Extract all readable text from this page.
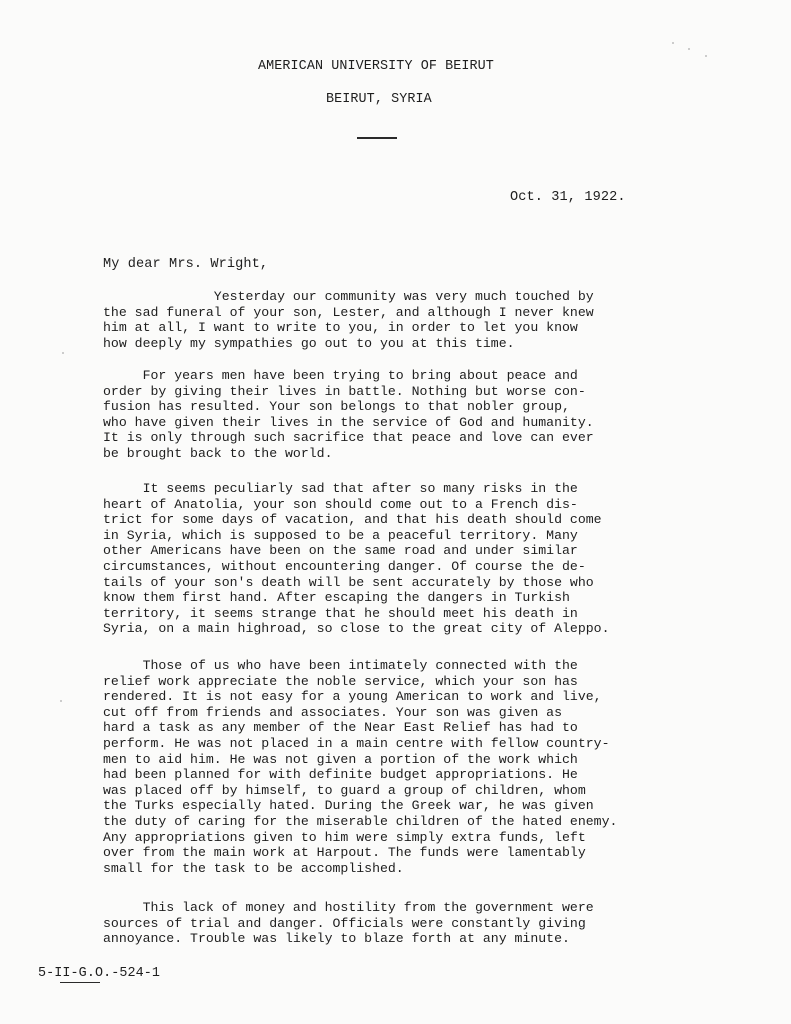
AMERICAN UNIVERSITY OF BEIRUT
BEIRUT, SYRIA
Oct. 31, 1922.
My dear Mrs. Wright,
Yesterday our community was very much touched by
the sad funeral of your son, Lester, and although I never knew
him at all, I want to write to you, in order to let you know
how deeply my sympathies go out to you at this time.
For years men have been trying to bring about peace and
order by giving their lives in battle. Nothing but worse con-
fusion has resulted. Your son belongs to that nobler group,
who have given their lives in the service of God and humanity.
It is only through such sacrifice that peace and love can ever
be brought back to the world.
It seems peculiarly sad that after so many risks in the
heart of Anatolia, your son should come out to a French dis-
trict for some days of vacation, and that his death should come
in Syria, which is supposed to be a peaceful territory. Many
other Americans have been on the same road and under similar
circumstances, without encountering danger. Of course the de-
tails of your son's death will be sent accurately by those who
know them first hand. After escaping the dangers in Turkish
territory, it seems strange that he should meet his death in
Syria, on a main highroad, so close to the great city of Aleppo.
Those of us who have been intimately connected with the
relief work appreciate the noble service, which your son has
rendered. It is not easy for a young American to work and live,
cut off from friends and associates. Your son was given as
hard a task as any member of the Near East Relief has had to
perform. He was not placed in a main centre with fellow country-
men to aid him. He was not given a portion of the work which
had been planned for with definite budget appropriations. He
was placed off by himself, to guard a group of children, whom
the Turks especially hated. During the Greek war, he was given
the duty of caring for the miserable children of the hated enemy.
Any appropriations given to him were simply extra funds, left
over from the main work at Harpout. The funds were lamentably
small for the task to be accomplished.
This lack of money and hostility from the government were
sources of trial and danger. Officials were constantly giving
annoyance. Trouble was likely to blaze forth at any minute.
5-II-G.O.-524-1
